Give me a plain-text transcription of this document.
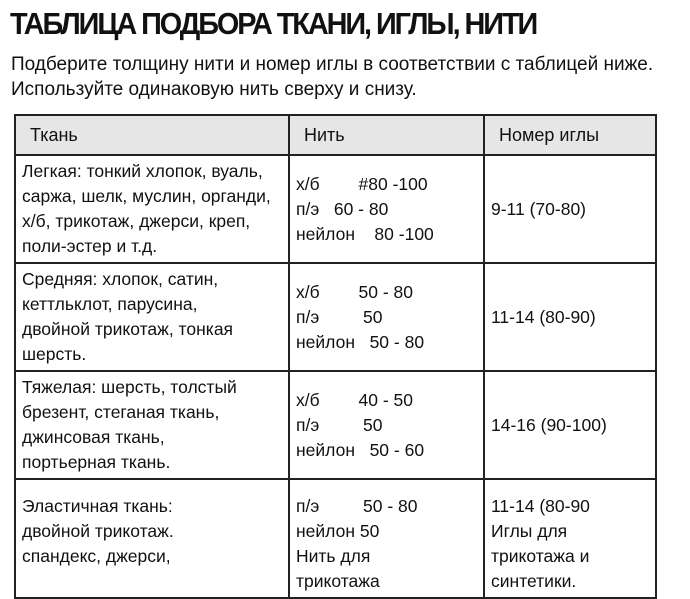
ТАБЛИЦА ПОДБОРА ТКАНИ, ИГЛЫ, НИТИ
Подберите толщину нити и номер иглы в соответствии с таблицей ниже.
Используйте одинаковую нить сверху и снизу.
Ткань	Нить	Номер иглы

Легкая: тонкий хлопок, вуаль,
саржа, шелк, муслин, органди,
х/б, трикотаж, джерси, креп,
поли-эстер и т.д.	х/б        #80 -100
п/э   60 - 80
нейлон    80 -100	9-11 (70-80)

Средняя: хлопок, сатин,
кеттльклот, парусина,
двойной трикотаж, тонкая
шерсть.	х/б        50 - 80
п/э         50
нейлон   50 - 80	11-14 (80-90)

Тяжелая: шерсть, толстый
брезент, стеганая ткань,
джинсовая ткань,
портьерная ткань.	х/б        40 - 50
п/э         50
нейлон   50 - 60	14-16 (90-100)

Эластичная ткань:
двойной трикотаж.
спандекс, джерси,	п/э         50 - 80
нейлон 50
Нить для
трикотажа	11-14 (80-90
Иглы для
трикотажа и
синтетики.
